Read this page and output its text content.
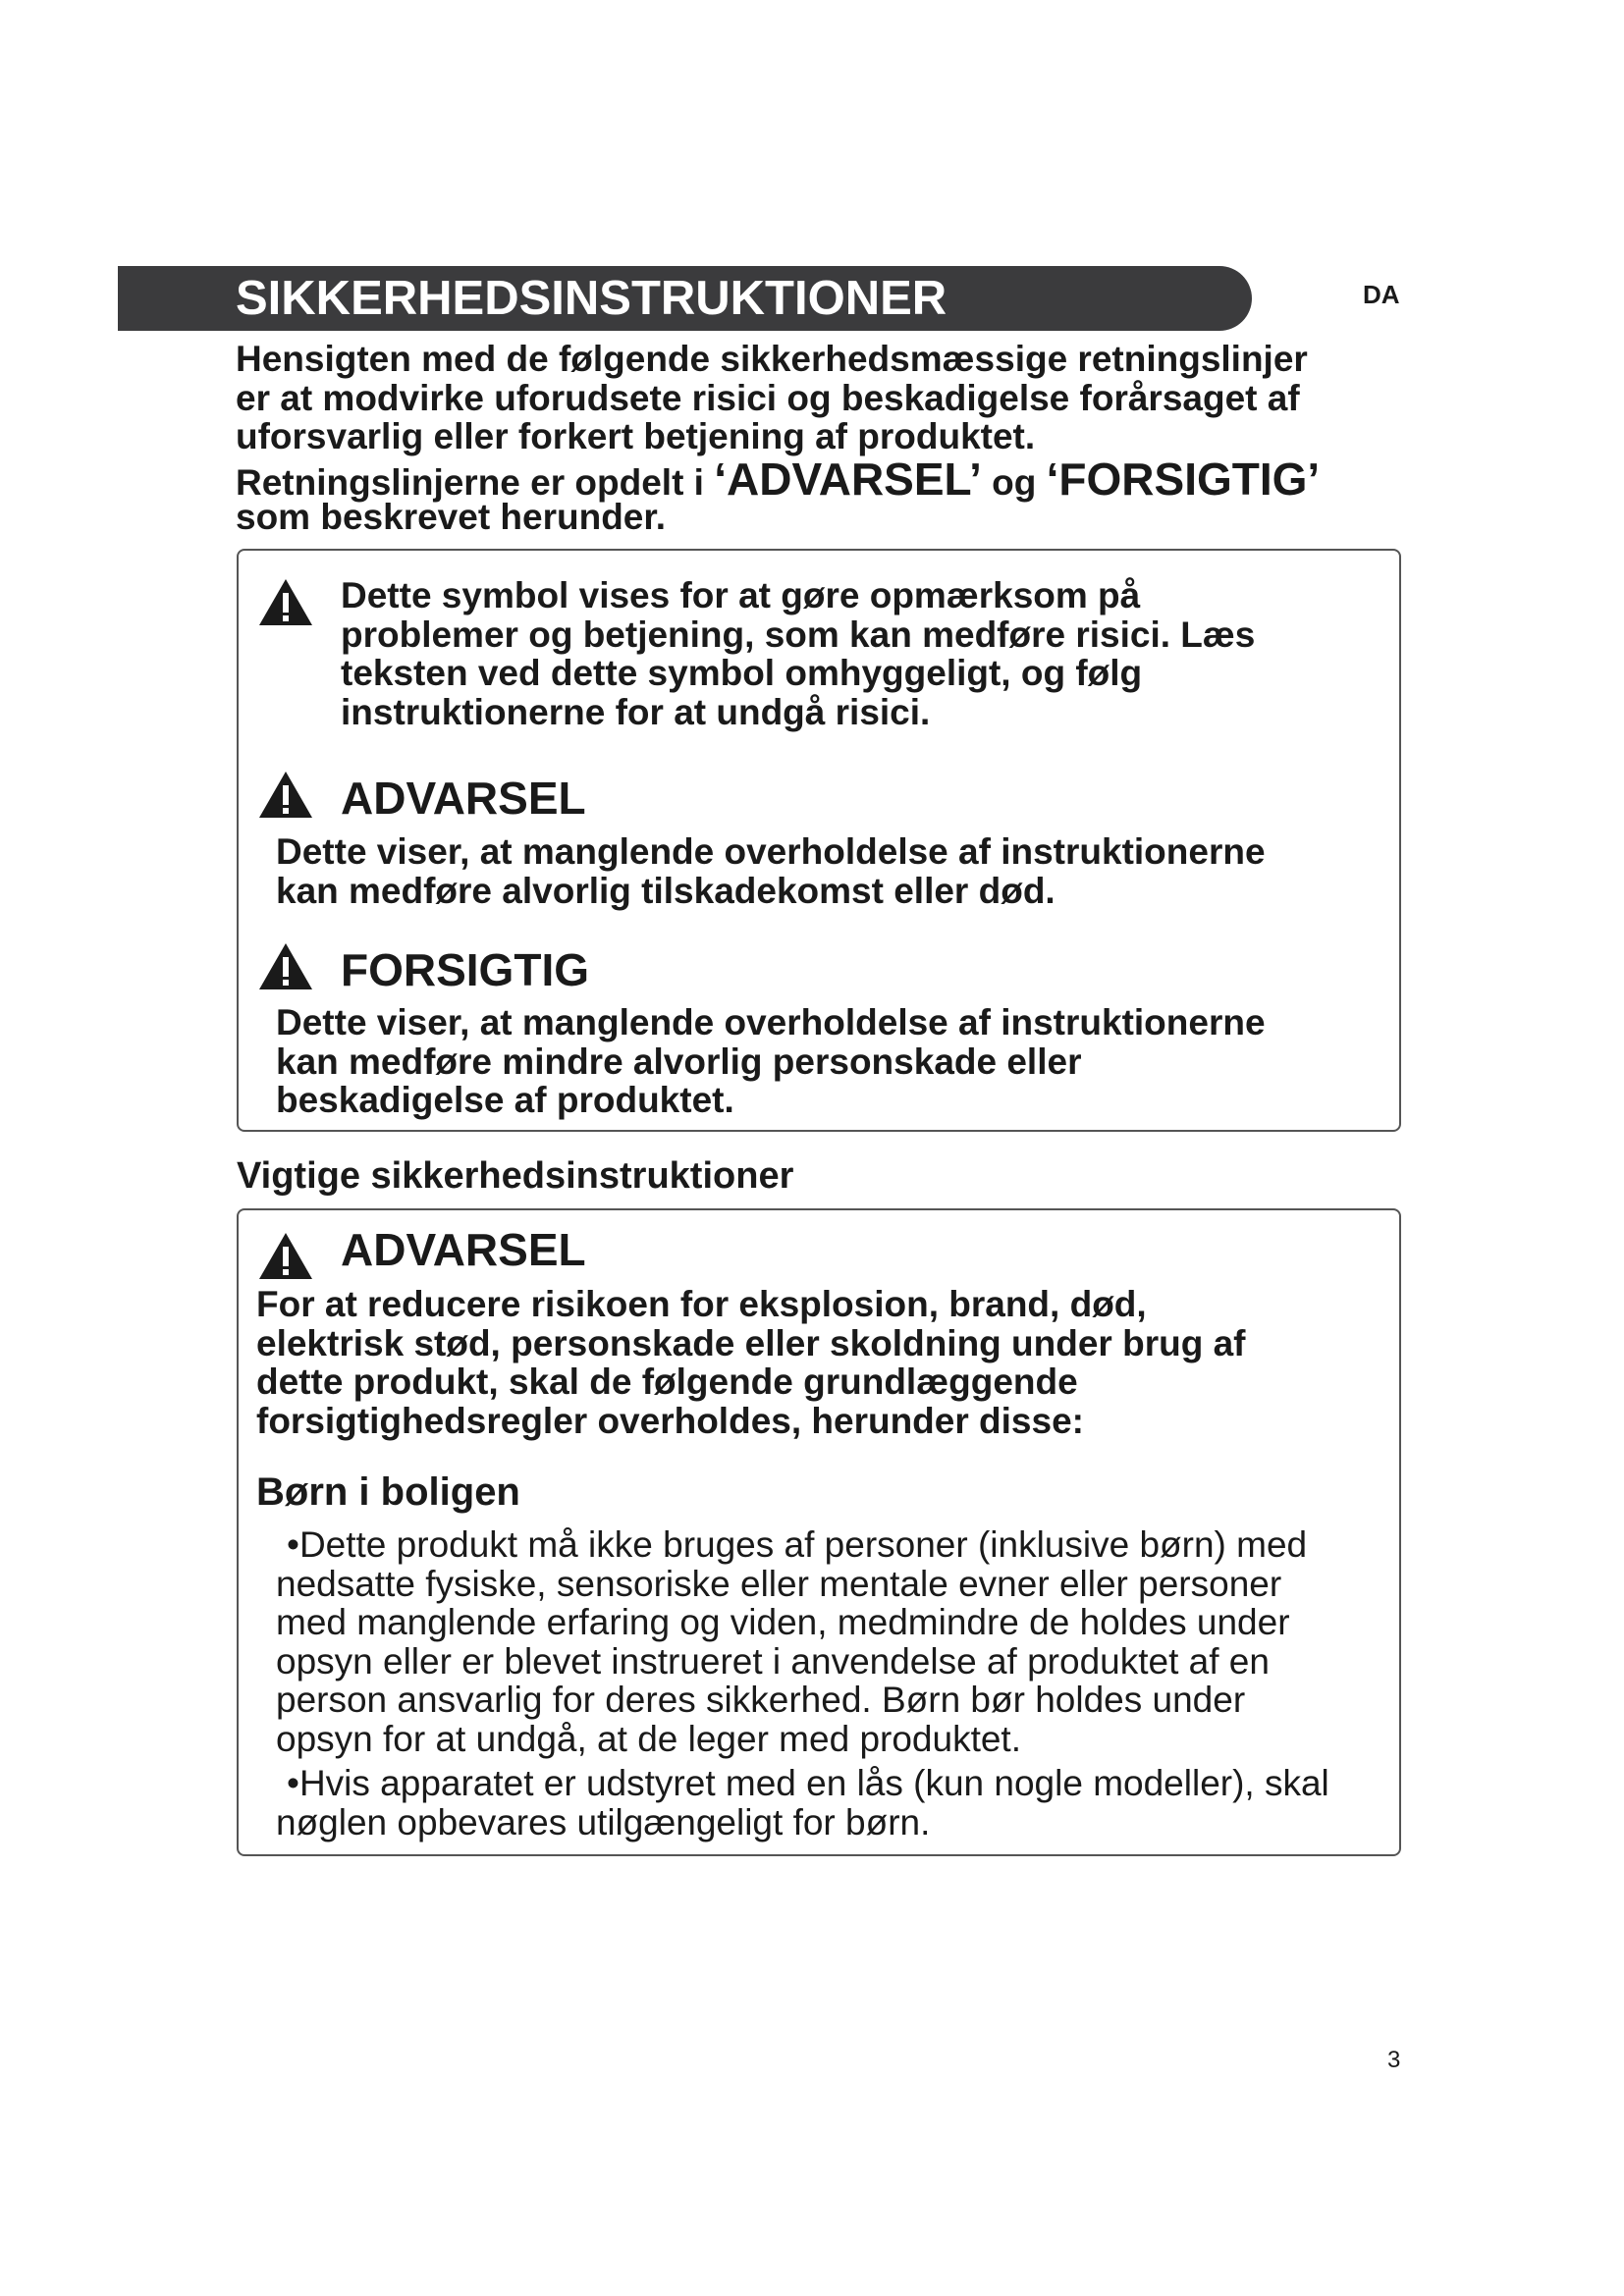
SIKKERHEDSINSTRUKTIONER	DA
Hensigten med de følgende sikkerhedsmæssige retningslinjer
er at modvirke uforudsete risici og beskadigelse forårsaget af
uforsvarlig eller forkert betjening af produktet.
Retningslinjerne er opdelt i ‘ADVARSEL’ og ‘FORSIGTIG’
som beskrevet herunder.
Dette symbol vises for at gøre opmærksom på
problemer og betjening, som kan medføre risici. Læs
teksten ved dette symbol omhyggeligt, og følg
instruktionerne for at undgå risici.
ADVARSEL
Dette viser, at manglende overholdelse af instruktionerne
kan medføre alvorlig tilskadekomst eller død.
FORSIGTIG
Dette viser, at manglende overholdelse af instruktionerne
kan medføre mindre alvorlig personskade eller
beskadigelse af produktet.
Vigtige sikkerhedsinstruktioner
ADVARSEL
For at reducere risikoen for eksplosion, brand, død,
elektrisk stød, personskade eller skoldning under brug af
dette produkt, skal de følgende grundlæggende
forsigtighedsregler overholdes, herunder disse:
Børn i boligen
•Dette produkt må ikke bruges af personer (inklusive børn) med
nedsatte fysiske, sensoriske eller mentale evner eller personer
med manglende erfaring og viden, medmindre de holdes under
opsyn eller er blevet instrueret i anvendelse af produktet af en
person ansvarlig for deres sikkerhed. Børn bør holdes under
opsyn for at undgå, at de leger med produktet.
•Hvis apparatet er udstyret med en lås (kun nogle modeller), skal
nøglen opbevares utilgængeligt for børn.
3
